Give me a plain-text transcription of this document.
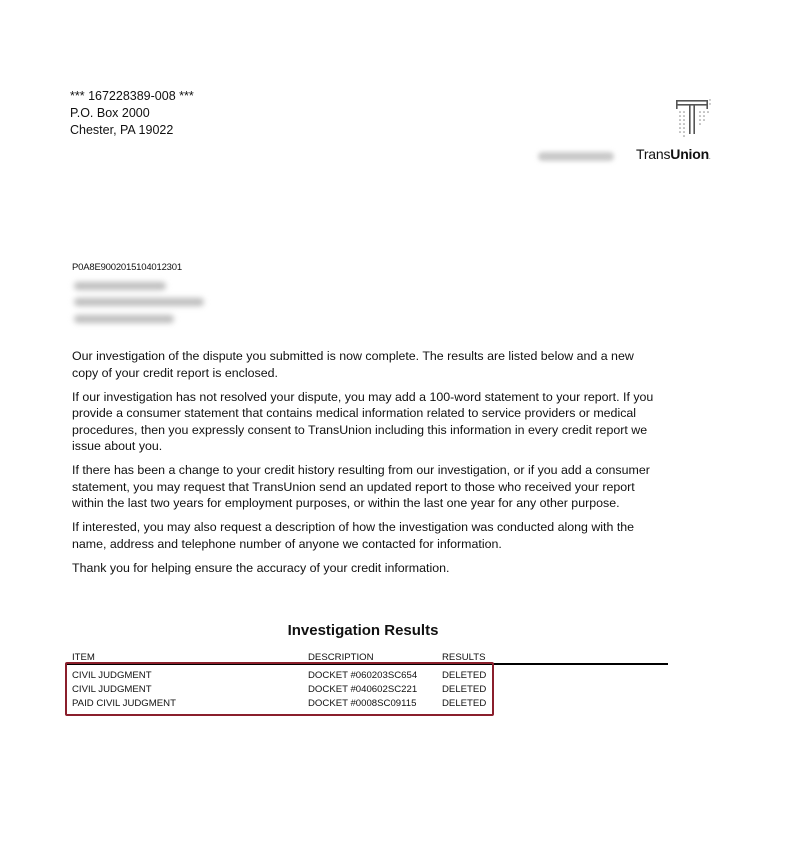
*** 167228389-008 ***
P.O. Box 2000
Chester, PA 19022
TransUnion.
P0A8E9002015104012301

Our investigation of the dispute you submitted is now complete. The results are listed below and a new copy of your credit report is enclosed.

If our investigation has not resolved your dispute, you may add a 100-word statement to your report. If you provide a consumer statement that contains medical information related to service providers or medical procedures, then you expressly consent to TransUnion including this information in every credit report we issue about you.

If there has been a change to your credit history resulting from our investigation, or if you add a consumer statement, you may request that TransUnion send an updated report to those who received your report within the last two years for employment purposes, or within the last one year for any other purpose.

If interested, you may also request a description of how the investigation was conducted along with the name, address and telephone number of anyone we contacted for information.

Thank you for helping ensure the accuracy of your credit information.

Investigation Results
ITEM	DESCRIPTION	RESULTS
CIVIL JUDGMENT	DOCKET #060203SC654	DELETED
CIVIL JUDGMENT	DOCKET #040602SC221	DELETED
PAID CIVIL JUDGMENT	DOCKET #0008SC09115	DELETED
